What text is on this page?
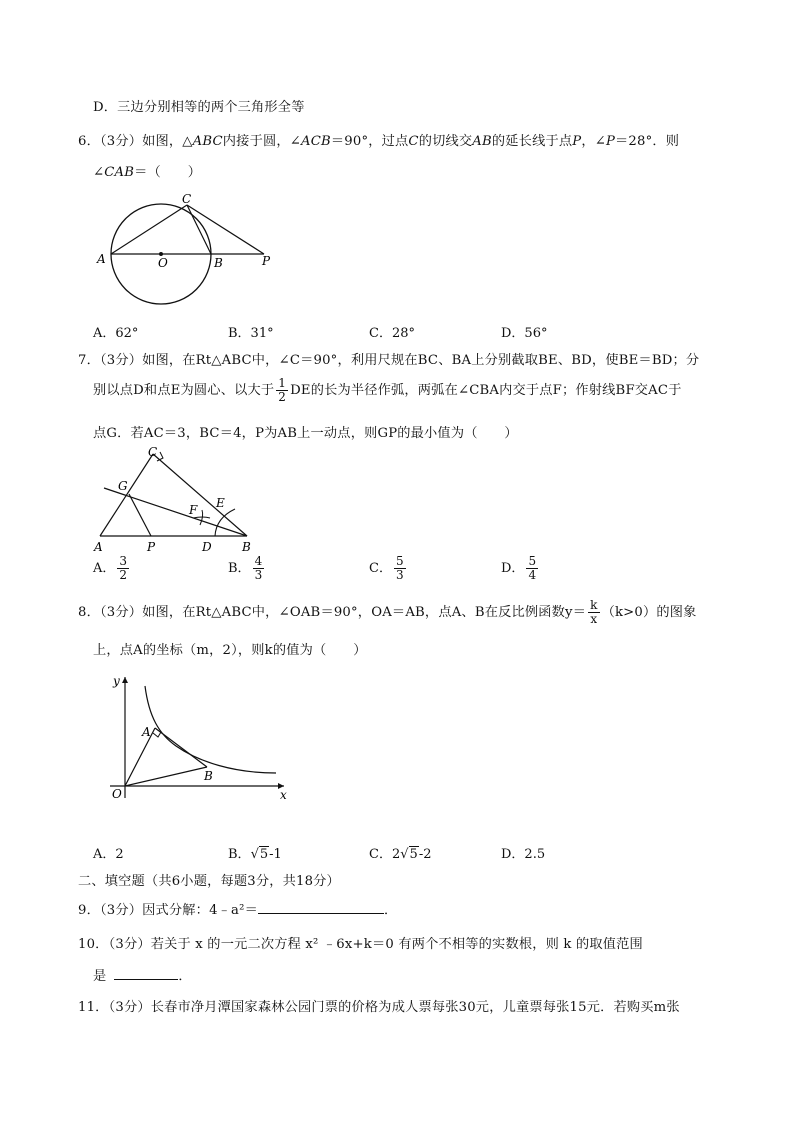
D．三边分别相等的两个三角形全等
6．（3分）如图，△ABC内接于圆，∠ACB＝90°，过点C的切线交AB的延长线于点P，∠P＝28°．则
∠CAB＝（　　）
A	O	B	P
C
A．62°	B．31°	C．28°	D．56°
7．（3分）如图，在Rt△ABC中，∠C＝90°，利用尺规在BC、BA上分别截取BE、BD，使BE＝BD；分
别以点D和点E为圆心、以大于 $\frac{1}{2}$ DE的长为半径作弧，两弧在∠CBA内交于点F；作射线BF交AC于
点G．若AC＝3，BC＝4，P为AB上一动点，则GP的最小值为（　　）
C
G
E
F
A	P	D	B
A． $\frac{3}{2}$	B． $\frac{4}{3}$	C． $\frac{5}{3}$	D． $\frac{5}{4}$
8．（3分）如图，在Rt△ABC中，∠OAB＝90°，OA＝AB，点A、B在反比例函数$y= \frac{k}{x} (k>0)$的图象
上，点A的坐标（m，2），则k的值为（　　）
y
x
O
A
B
A．2	B．√5-1	C．2√5-2	D．2.5
二、填空题（共6小题，每题3分，共18分）
9．（3分）因式分解：4﹣a²＝	．
10．（3分）若关于 x 的一元二次方程 x² ﹣6x+k＝0 有两个不相等的实数根，则 k 的取值范围
是	．
11．（3分）长春市净月潭国家森林公园门票的价格为成人票每张30元，儿童票每张15元．若购买m张
